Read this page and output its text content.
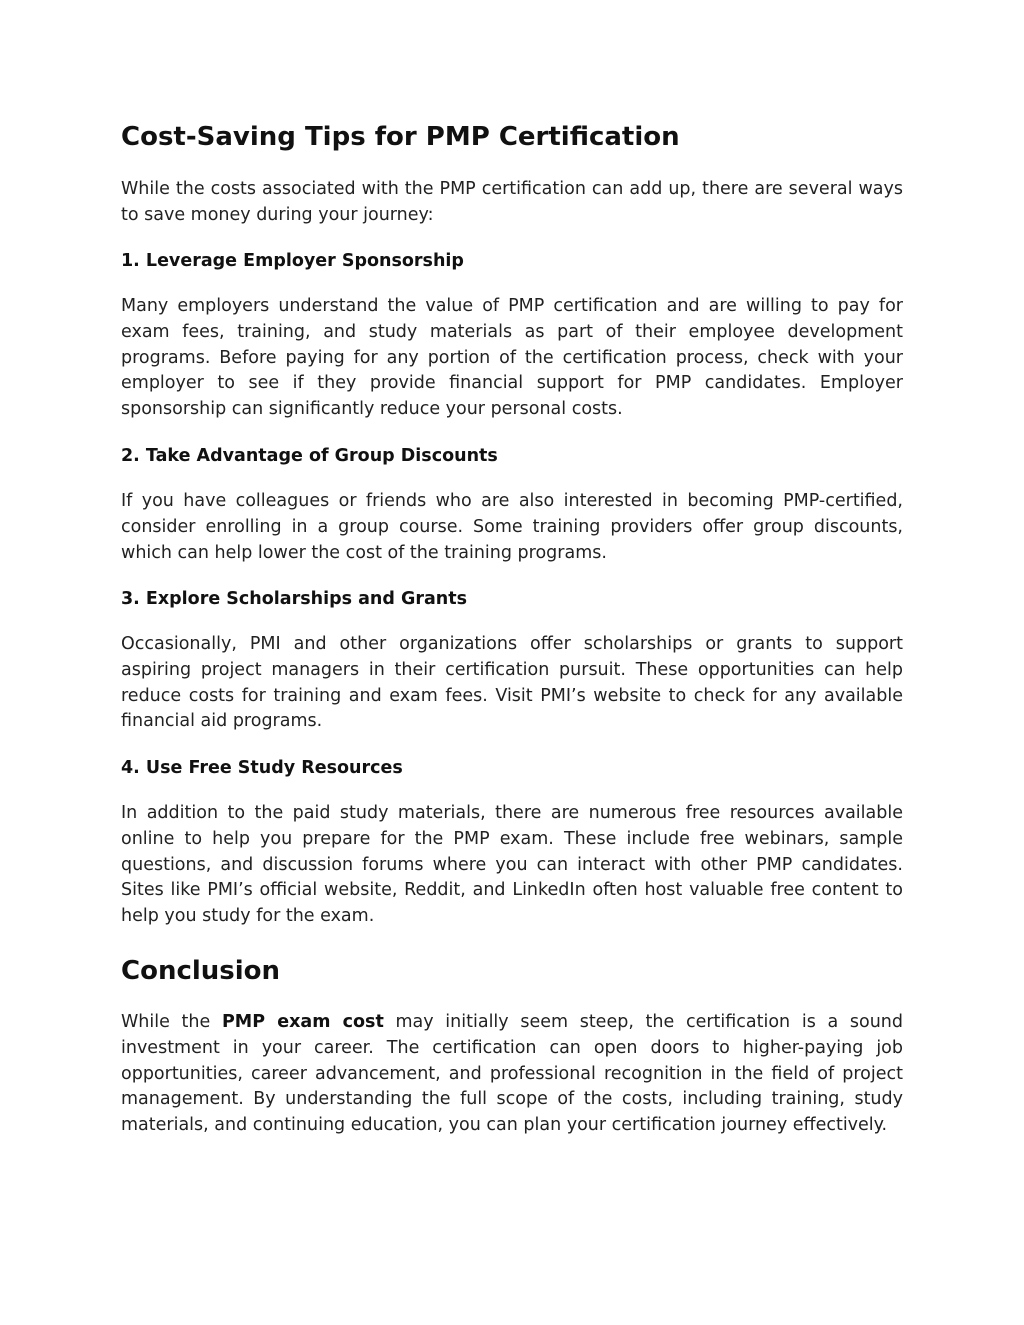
Cost-Saving Tips for PMP Certification

While the costs associated with the PMP certification can add up, there are several ways to save money during your journey:

1. Leverage Employer Sponsorship

Many employers understand the value of PMP certification and are willing to pay for exam fees, training, and study materials as part of their employee development programs. Before paying for any portion of the certification process, check with your employer to see if they provide financial support for PMP candidates. Employer sponsorship can significantly reduce your personal costs.

2. Take Advantage of Group Discounts

If you have colleagues or friends who are also interested in becoming PMP-certified, consider enrolling in a group course. Some training providers offer group discounts, which can help lower the cost of the training programs.

3. Explore Scholarships and Grants

Occasionally, PMI and other organizations offer scholarships or grants to support aspiring project managers in their certification pursuit. These opportunities can help reduce costs for training and exam fees. Visit PMI’s website to check for any available financial aid programs.

4. Use Free Study Resources

In addition to the paid study materials, there are numerous free resources available online to help you prepare for the PMP exam. These include free webinars, sample questions, and discussion forums where you can interact with other PMP candidates. Sites like PMI’s official website, Reddit, and LinkedIn often host valuable free content to help you study for the exam.

Conclusion

While the PMP exam cost may initially seem steep, the certification is a sound investment in your career. The certification can open doors to higher-paying job opportunities, career advancement, and professional recognition in the field of project management. By understanding the full scope of the costs, including training, study materials, and continuing education, you can plan your certification journey effectively.
